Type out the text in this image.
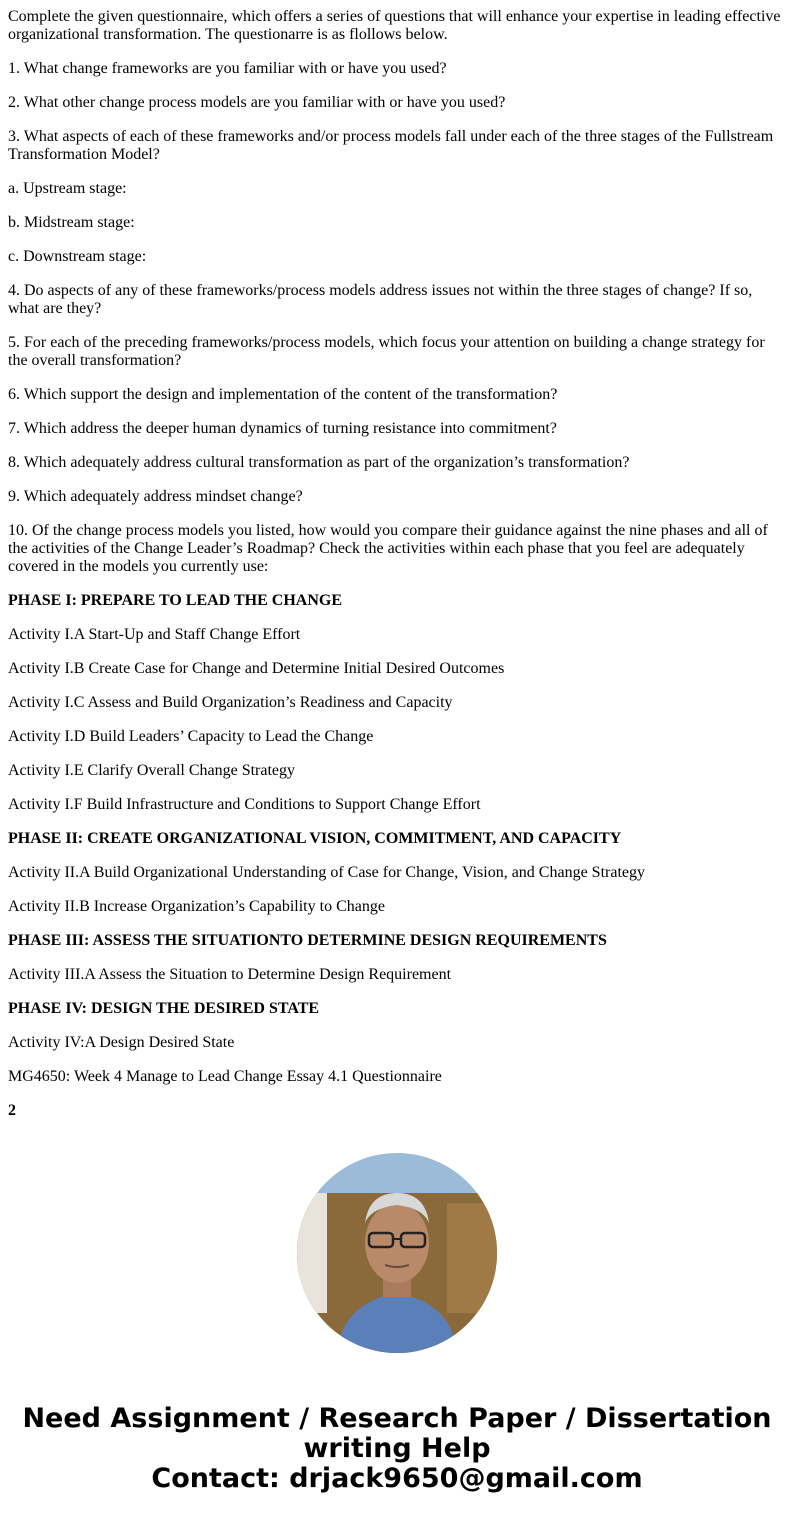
Complete the given questionnaire, which offers a series of questions that will enhance your expertise in leading effective organizational transformation. The questionarre is as flollows below.

1. What change frameworks are you familiar with or have you used?

2. What other change process models are you familiar with or have you used?

3. What aspects of each of these frameworks and/or process models fall under each of the three stages of the Fullstream Transformation Model?

a. Upstream stage:

b. Midstream stage:

c. Downstream stage:

4. Do aspects of any of these frameworks/process models address issues not within the three stages of change? If so, what are they?

5. For each of the preceding frameworks/process models, which focus your attention on building a change strategy for the overall transformation?

6. Which support the design and implementation of the content of the transformation?

7. Which address the deeper human dynamics of turning resistance into commitment?

8. Which adequately address cultural transformation as part of the organization’s transformation?

9. Which adequately address mindset change?

10. Of the change process models you listed, how would you compare their guidance against the nine phases and all of the activities of the Change Leader’s Roadmap? Check the activities within each phase that you feel are adequately covered in the models you currently use:

PHASE I: PREPARE TO LEAD THE CHANGE

Activity I.A Start-Up and Staff Change Effort

Activity I.B Create Case for Change and Determine Initial Desired Outcomes

Activity I.C Assess and Build Organization’s Readiness and Capacity

Activity I.D Build Leaders’ Capacity to Lead the Change

Activity I.E Clarify Overall Change Strategy

Activity I.F Build Infrastructure and Conditions to Support Change Effort

PHASE II: CREATE ORGANIZATIONAL VISION, COMMITMENT, AND CAPACITY

Activity II.A Build Organizational Understanding of Case for Change, Vision, and Change Strategy

Activity II.B Increase Organization’s Capability to Change

PHASE III: ASSESS THE SITUATIONTO DETERMINE DESIGN REQUIREMENTS

Activity III.A Assess the Situation to Determine Design Requirement

PHASE IV: DESIGN THE DESIRED STATE

Activity IV:A Design Desired State

MG4650: Week 4 Manage to Lead Change Essay 4.1 Questionnaire

2

Need Assignment / Research Paper / Dissertation
writing Help
Contact: drjack9650@gmail.com
